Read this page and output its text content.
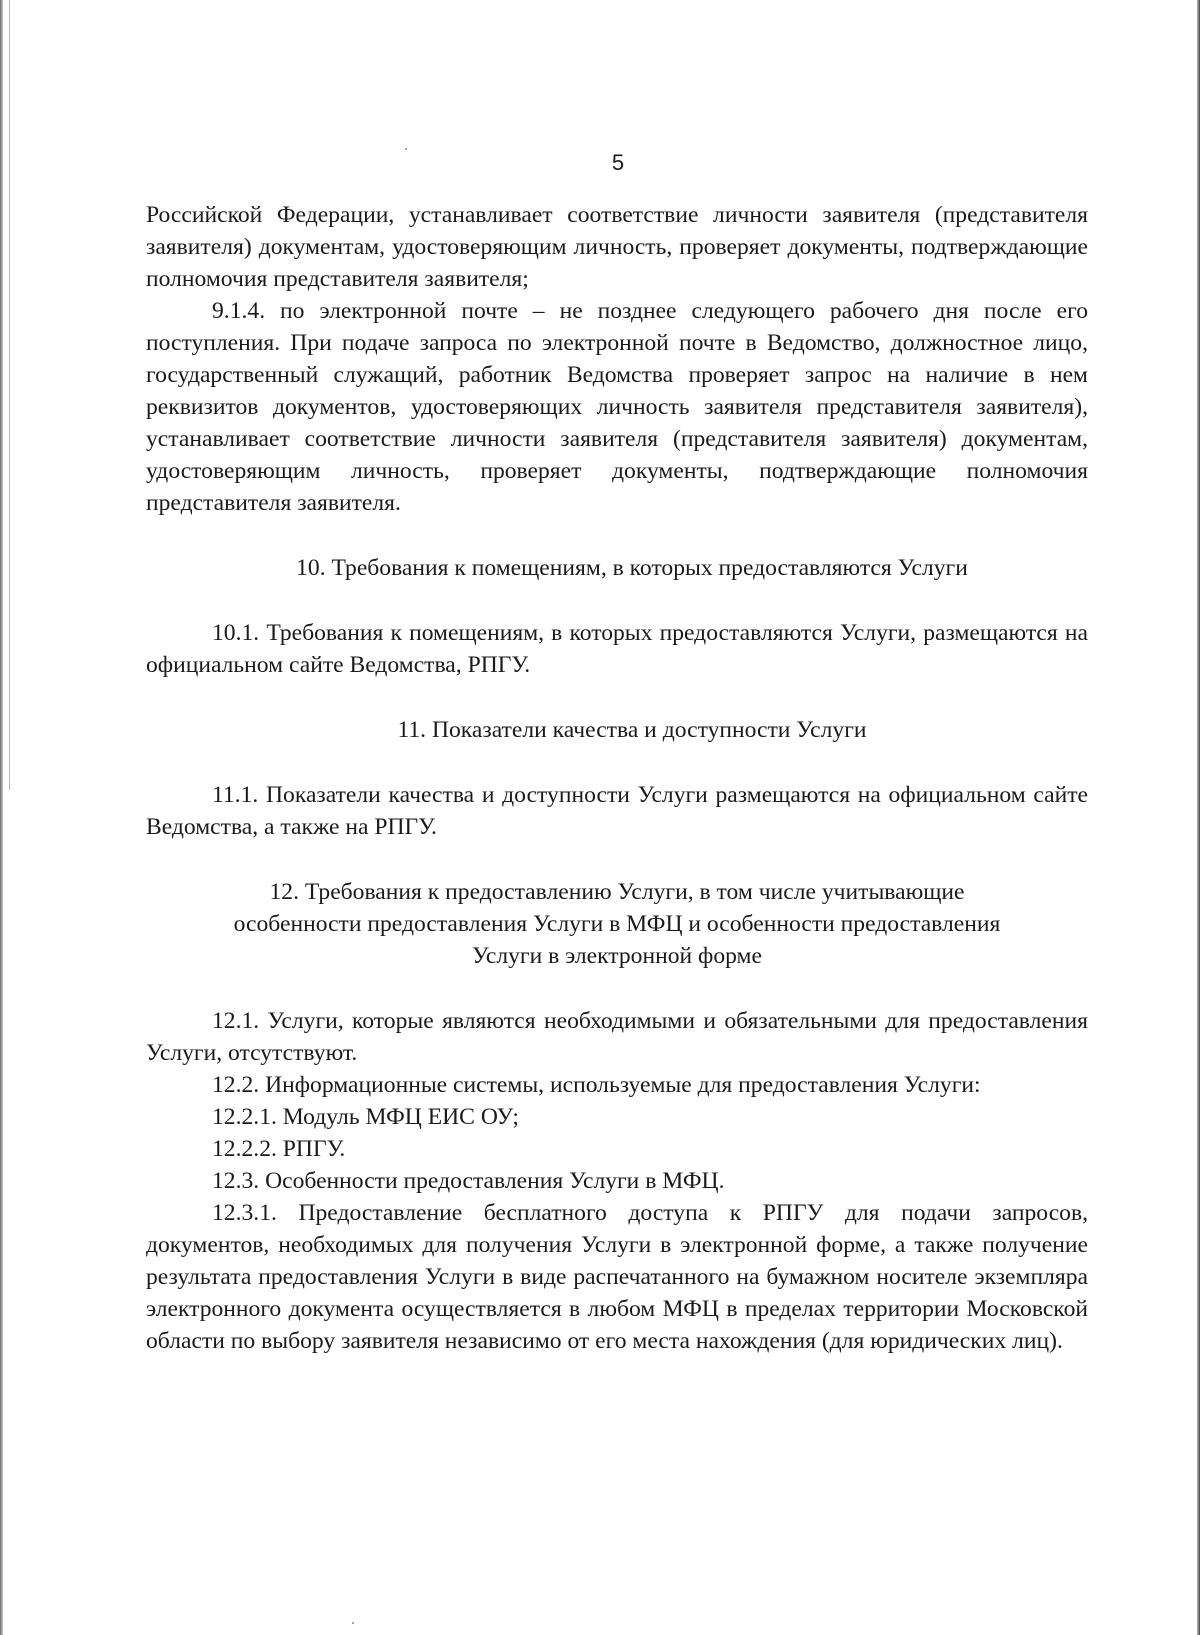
5

Российской Федерации, устанавливает соответствие личности заявителя (представителя заявителя) документам, удостоверяющим личность, проверяет документы, подтверждающие полномочия представителя заявителя;

9.1.4. по электронной почте – не позднее следующего рабочего дня после его поступления. При подаче запроса по электронной почте в Ведомство, должностное лицо, государственный служащий, работник Ведомства проверяет запрос на наличие в нем реквизитов документов, удостоверяющих личность заявителя представителя заявителя), устанавливает соответствие личности заявителя (представителя заявителя) документам, удостоверяющим личность, проверяет документы, подтверждающие полномочия представителя заявителя.

10. Требования к помещениям, в которых предоставляются Услуги

10.1. Требования к помещениям, в которых предоставляются Услуги, размещаются на официальном сайте Ведомства, РПГУ.

11. Показатели качества и доступности Услуги

11.1. Показатели качества и доступности Услуги размещаются на официальном сайте Ведомства, а также на РПГУ.

12. Требования к предоставлению Услуги, в том числе учитывающие

особенности предоставления Услуги в МФЦ и особенности предоставления

Услуги в электронной форме

12.1. Услуги, которые являются необходимыми и обязательными для предоставления Услуги, отсутствуют.

12.2. Информационные системы, используемые для предоставления Услуги:

12.2.1. Модуль МФЦ ЕИС ОУ;

12.2.2. РПГУ.

12.3. Особенности предоставления Услуги в МФЦ.

12.3.1. Предоставление бесплатного доступа к РПГУ для подачи запросов, документов, необходимых для получения Услуги в электронной форме, а также получение результата предоставления Услуги в виде распечатанного на бумажном носителе экземпляра электронного документа осуществляется в любом МФЦ в пределах территории Московской области по выбору заявителя независимо от его места нахождения (для юридических лиц).
